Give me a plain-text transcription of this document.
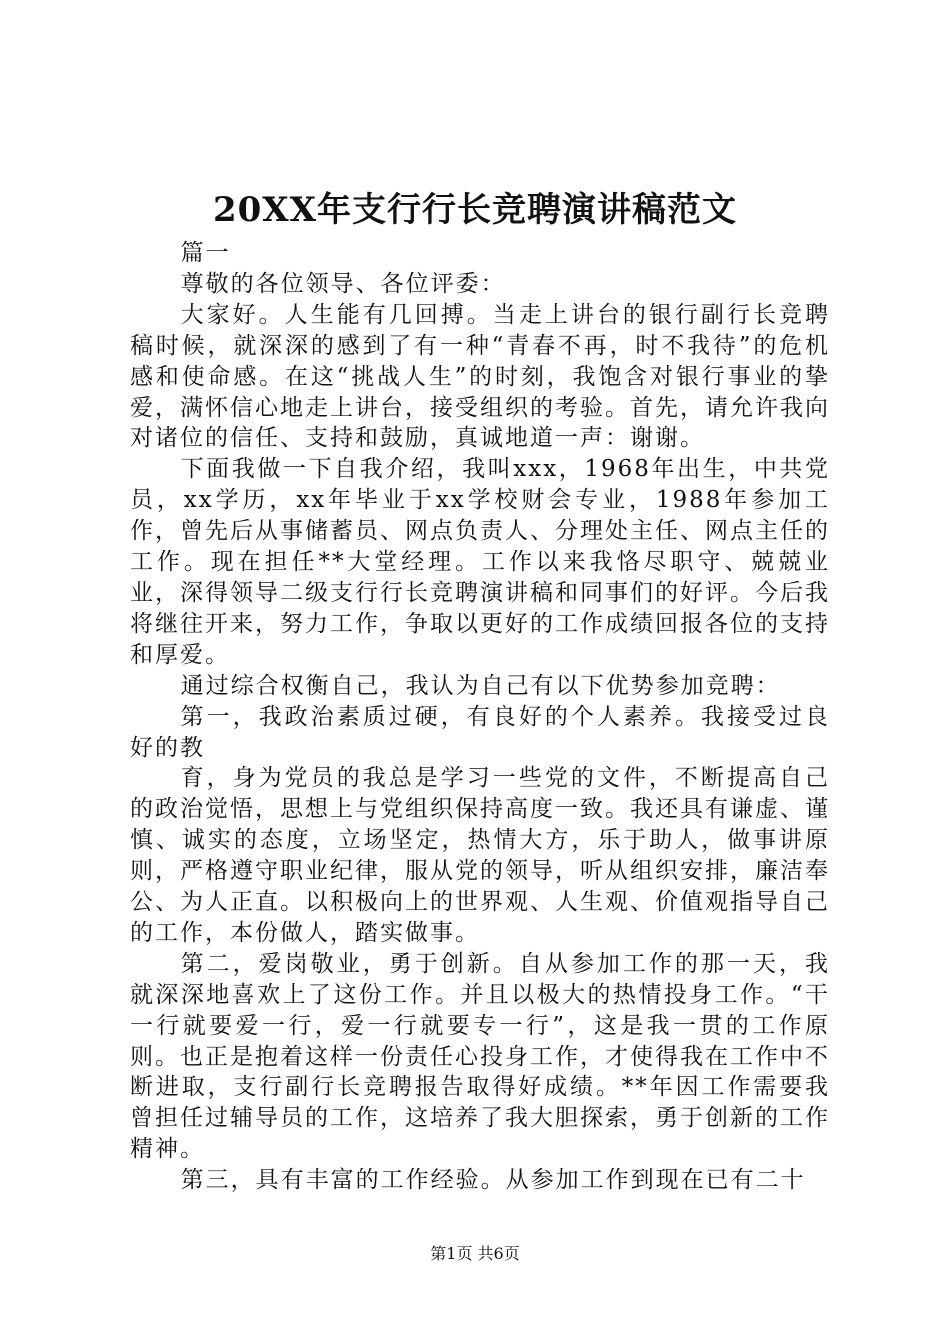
20XX年支行行长竞聘演讲稿范文

篇一

尊敬的各位领导、各位评委：

大家好。人生能有几回搏。当走上讲台的银行副行长竞聘稿时候，就深深的感到了有一种“青春不再，时不我待”的危机感和使命感。在这“挑战人生”的时刻，我饱含对银行事业的挚爱，满怀信心地走上讲台，接受组织的考验。首先，请允许我向对诸位的信任、支持和鼓励，真诚地道一声：谢谢。

下面我做一下自我介绍，我叫xxx，1968年出生，中共党员，xx学历，xx年毕业于xx学校财会专业，1988年参加工作，曾先后从事储蓄员、网点负责人、分理处主任、网点主任的工作。现在担任**大堂经理。工作以来我恪尽职守、兢兢业业，深得领导二级支行行长竞聘演讲稿和同事们的好评。今后我将继往开来，努力工作，争取以更好的工作成绩回报各位的支持和厚爱。

通过综合权衡自己，我认为自己有以下优势参加竞聘：

第一，我政治素质过硬，有良好的个人素养。我接受过良好的教

育，身为党员的我总是学习一些党的文件，不断提高自己的政治觉悟，思想上与党组织保持高度一致。我还具有谦虚、谨慎、诚实的态度，立场坚定，热情大方，乐于助人，做事讲原则，严格遵守职业纪律，服从党的领导，听从组织安排，廉洁奉公、为人正直。以积极向上的世界观、人生观、价值观指导自己的工作，本份做人，踏实做事。

第二，爱岗敬业，勇于创新。自从参加工作的那一天，我就深深地喜欢上了这份工作。并且以极大的热情投身工作。“干一行就要爱一行，爱一行就要专一行”，这是我一贯的工作原则。也正是抱着这样一份责任心投身工作，才使得我在工作中不断进取，支行副行长竞聘报告取得好成绩。**年因工作需要我曾担任过辅导员的工作，这培养了我大胆探索，勇于创新的工作精神。

第三，具有丰富的工作经验。从参加工作到现在已有二十

第1页 共6页
